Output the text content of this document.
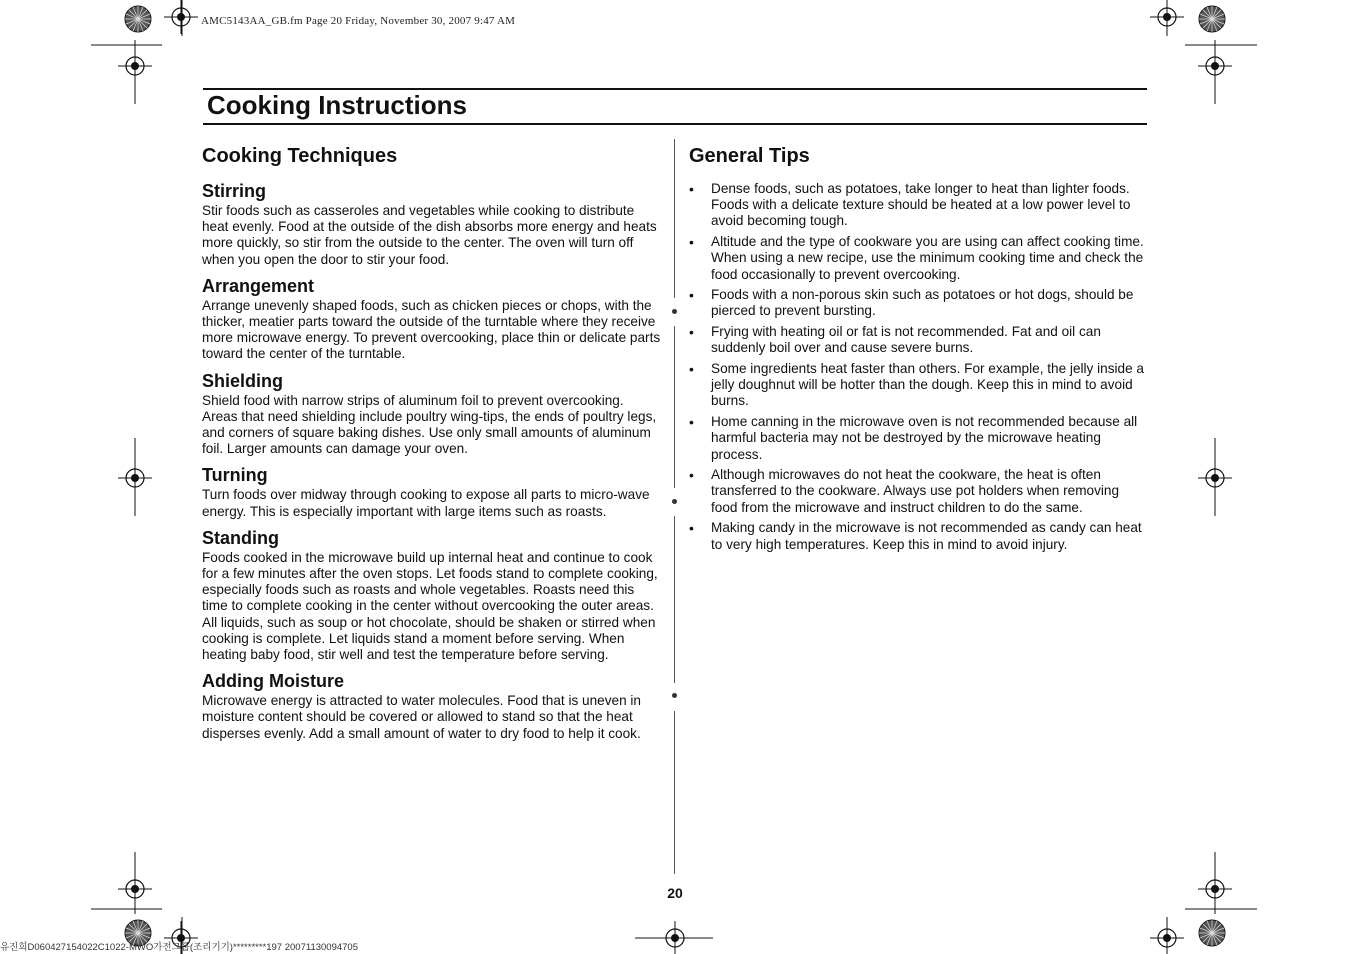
AMC5143AA_GB.fm Page 20 Friday, November 30, 2007 9:47 AM
Cooking Instructions
Cooking Techniques
Stirring

Stir foods such as casseroles and vegetables while cooking to distribute heat evenly. Food at the outside of the dish absorbs more energy and heats more quickly, so stir from the outside to the center. The oven will turn off when you open the door to stir your food.

Arrangement

Arrange unevenly shaped foods, such as chicken pieces or chops, with the thicker, meatier parts toward the outside of the turntable where they receive more microwave energy. To prevent overcooking, place thin or delicate parts toward the center of the turntable.

Shielding

Shield food with narrow strips of aluminum foil to prevent overcooking. Areas that need shielding include poultry wing-tips, the ends of poultry legs, and corners of square baking dishes. Use only small amounts of aluminum foil. Larger amounts can damage your oven.

Turning

Turn foods over midway through cooking to expose all parts to micro-wave energy. This is especially important with large items such as roasts.

Standing

Foods cooked in the microwave build up internal heat and continue to cook for a few minutes after the oven stops. Let foods stand to complete cooking, especially foods such as roasts and whole vegetables. Roasts need this time to complete cooking in the center without overcooking the outer areas. All liquids, such as soup or hot chocolate, should be shaken or stirred when cooking is complete. Let liquids stand a moment before serving. When heating baby food, stir well and test the temperature before serving.

Adding Moisture

Microwave energy is attracted to water molecules. Food that is uneven in moisture content should be covered or allowed to stand so that the heat disperses evenly. Add a small amount of water to dry food to help it cook.

General Tips
• Dense foods, such as potatoes, take longer to heat than lighter foods. Foods with a delicate texture should be heated at a low power level to avoid becoming tough.
• Altitude and the type of cookware you are using can affect cooking time. When using a new recipe, use the minimum cooking time and check the food occasionally to prevent overcooking.
• Foods with a non-porous skin such as potatoes or hot dogs, should be pierced to prevent bursting.
• Frying with heating oil or fat is not recommended. Fat and oil can suddenly boil over and cause severe burns.
• Some ingredients heat faster than others. For example, the jelly inside a jelly doughnut will be hotter than the dough. Keep this in mind to avoid burns.
• Home canning in the microwave oven is not recommended because all harmful bacteria may not be destroyed by the microwave heating process.
• Although microwaves do not heat the cookware, the heat is often transferred to the cookware. Always use pot holders when removing food from the microwave and instruct children to do the same.
• Making candy in the microwave is not recommended as candy can heat to very high temperatures. Keep this in mind to avoid injury.
20
유진희D060427154022C1022-MWO가전그룹(조리기기)*********197 20071130094705
